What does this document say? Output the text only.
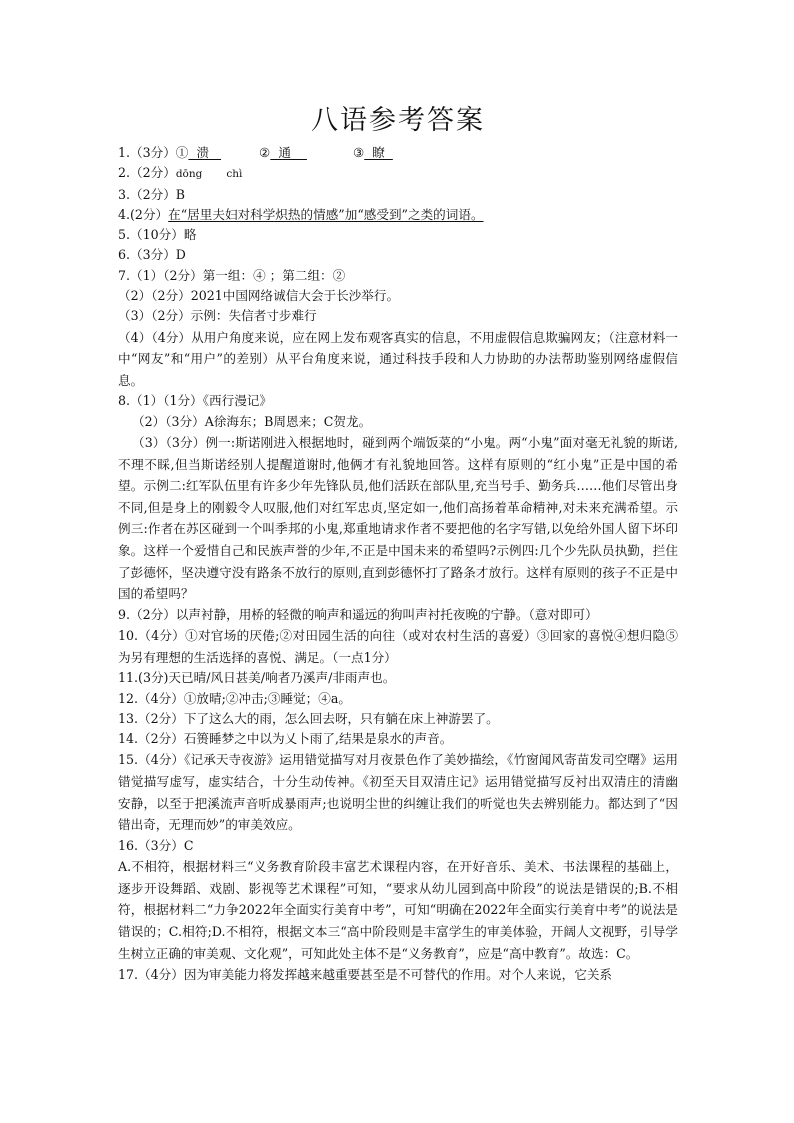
八语参考答案

1.（3分）①  溃	②  通	③  瞭

2.（2分）dōng chì

3.（2分）B

4.(2分）在“居里夫妇对科学炽热的情感”加“感受到”之类的词语。

5.（10分）略

6.（3分）D

7.（1）（2分）第一组：④ ；第二组：②

（2）（2分）2021中国网络诚信大会于长沙举行。

（3）（2分）示例：失信者寸步难行

（4）（4分）从用户角度来说，应在网上发布观客真实的信息，不用虚假信息欺骗网友；（注意材料一中“网友”和“用户”的差别）从平台角度来说，通过科技手段和人力协助的办法帮助鉴别网络虚假信息。

8.（1）（1分）《西行漫记》

（2）（3分）A徐海东；B周恩来；C贺龙。

（3）（3分）例一:斯诺刚进入根据地时，碰到两个端饭菜的“小鬼。两“小鬼”面对毫无礼貌的斯诺,不理不睬,但当斯诺经别人提醒道谢时,他俩才有礼貌地回答。这样有原则的“红小鬼”正是中国的希望。示例二:红军队伍里有许多少年先锋队员,他们活跃在部队里,充当号手、勤务兵……他们尽管出身不同,但是身上的刚毅令人叹服,他们对红军忠贞,坚定如一,他们高扬着革命精神,对未来充满希望。示例三:作者在苏区碰到一个叫季邦的小鬼,郑重地请求作者不要把他的名字写错,以免给外国人留下坏印象。这样一个爱惜自己和民族声誉的少年,不正是中国未来的希望吗?示例四:几个少先队员执勤，拦住了彭德怀，坚决遵守没有路条不放行的原则,直到彭德怀打了路条才放行。这样有原则的孩子不正是中国的希望吗？

9.（2分）以声衬静，用桥的轻微的响声和遥远的狗叫声衬托夜晚的宁静。（意对即可）

10.（4分）①对官场的厌倦;②对田园生活的向往（或对农村生活的喜爱）③回家的喜悦④想归隐⑤为另有理想的生活选择的喜悦、满足。（一点1分）

11.(3分)天已晴/风日甚美/响者乃溪声/非雨声也。

12.（4分）①放晴;②冲击;③睡觉；④a。

13.（2分）下了这么大的雨，怎么回去呀，只有躺在床上神游罢了。

14.（2分）石篑睡梦之中以为乂卜雨了,结果是泉水的声音。

15.（4分）《记承天寺夜游》运用错觉描写对月夜景色作了美妙描绘，《竹窗闻风寄苗发司空曙》运用错觉描写虚写，虚实结合，十分生动传神。《初至天目双清庄记》运用错觉描写反衬出双清庄的清幽安静，以至于把溪流声音听成暴雨声;也说明尘世的纠缠让我们的听觉也失去辨别能力。都达到了“因错出奇，无理而妙”的审美效应。

16.（3分）C

A.不相符，根据材料三“义务教育阶段丰富艺术课程内容，在开好音乐、美术、书法课程的基础上，逐步开设舞蹈、戏剧、影视等艺术课程”可知，“要求从幼儿园到高中阶段”的说法是错误的;B.不相符，根据材料二“力争2022年全面实行美育中考”，可知“明确在2022年全面实行美育中考”的说法是错误的；C.相符;D.不相符，根据文本三“高中阶段则是丰富学生的审美体验，开阔人文视野，引导学生树立正确的审美观、文化观”，可知此处主体不是“义务教育”，应是“高中教育”。故选：C。

17.（4分）因为审美能力将发挥越来越重要甚至是不可替代的作用。对个人来说，它关系
